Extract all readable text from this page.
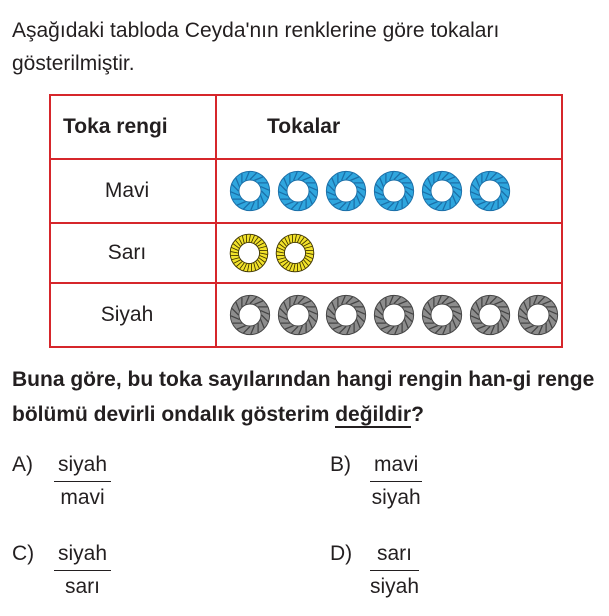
Aşağıdaki tabloda Ceyda'nın renklerine göre tokaları gösterilmiştir.
Toka rengi	Tokalar
Mavi	

Sarı	

Siyah	
Buna göre, bu toka sayılarından hangi rengin han-gi renge bölümü devirli ondalık gösterim değildir?
A) siyah
mavi
B) mavi
siyah
C) siyah
sarı
D)	sarı
siyah
